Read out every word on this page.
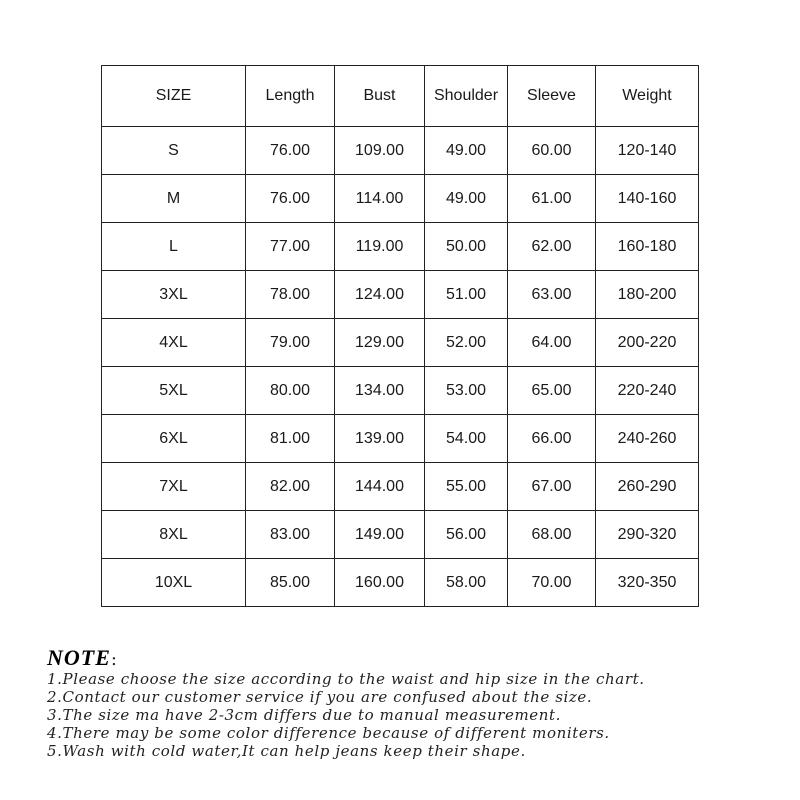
SIZE	Length	Bust	Shoulder	Sleeve	Weight
S	76.00	109.00	49.00	60.00	120-140
M	76.00	114.00	49.00	61.00	140-160
L	77.00	119.00	50.00	62.00	160-180
3XL	78.00	124.00	51.00	63.00	180-200
4XL	79.00	129.00	52.00	64.00	200-220
5XL	80.00	134.00	53.00	65.00	220-240
6XL	81.00	139.00	54.00	66.00	240-260
7XL	82.00	144.00	55.00	67.00	260-290
8XL	83.00	149.00	56.00	68.00	290-320
10XL	85.00	160.00	58.00	70.00	320-350
NOTE:
1.Please choose the size according to the waist and hip size in the chart.
2.Contact our customer service if you are confused about the size.
3.The size ma have 2-3cm differs due to manual measurement.
4.There may be some color difference because of different moniters.
5.Wash with cold water,It can help jeans keep their shape.
